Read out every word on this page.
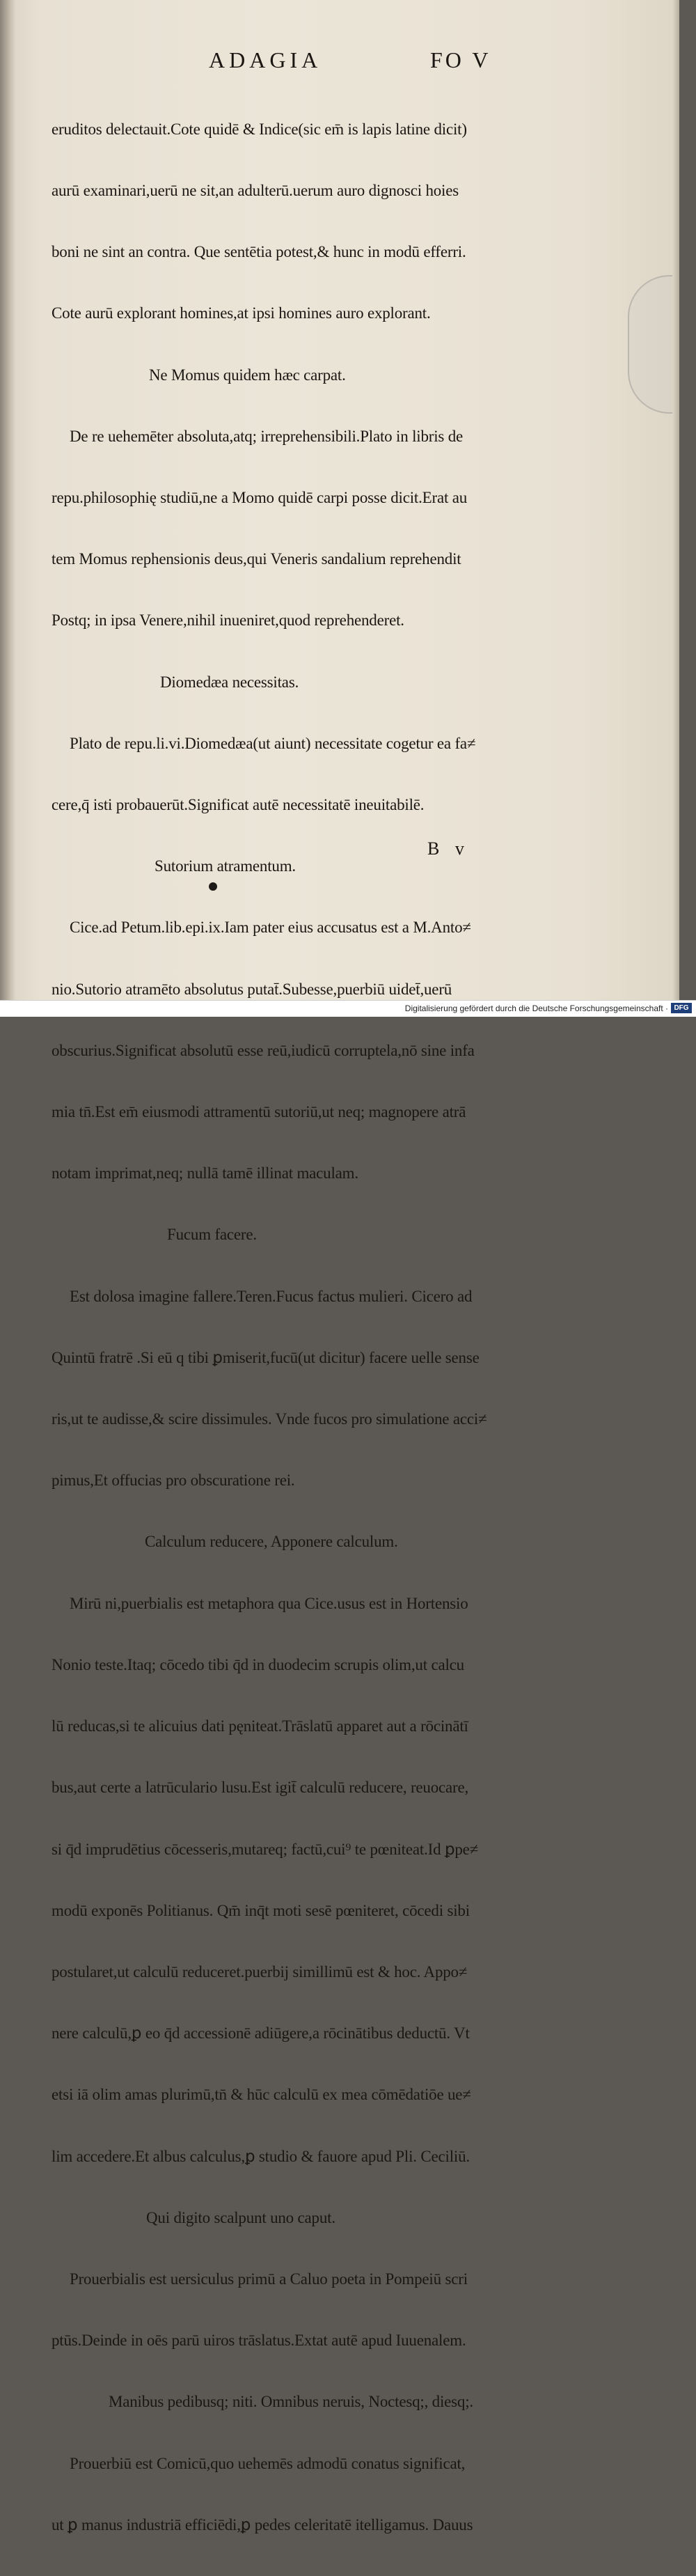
ADAGIA	FO V

eruditos delectauit.Cote quidē & Indice(sic em̄ is lapis latine dicit)

aurū examinari,uerū ne sit,an adulterū.uerum auro dignosci hoies

boni ne sint an contra. Que sentētia potest,& hunc in modū efferri.

Cote aurū explorant homines,at ipsi homines auro explorant.

Ne Momus quidem hæc carpat.

De re uehemēter absoluta,atq; irreprehensibili.Plato in libris de

repu.philosophię studiū,ne a Momo quidē carpi posse dicit.Erat au

tem Momus rephensionis deus,qui Veneris sandalium reprehendit

Postq; in ipsa Venere,nihil inueniret,quod reprehenderet.

Diomedæa necessitas.

Plato de repu.li.vi.Diomedæa(ut aiunt) necessitate cogetur ea fa≠

cere,q̄ isti probauerūt.Significat autē necessitatē ineuitabilē.

Sutorium atramentum.

Cice.ad Petum.lib.epi.ix.Iam pater eius accusatus est a M.Anto≠

nio.Sutorio atramēto absolutus putat̄.Subesse,puerbiū uidet̄,uerū

obscurius.Significat absolutū esse reū,iudicū corruptela,nō sine infa

mia tn̄.Est em̄ eiusmodi attramentū sutoriū,ut neq; magnopere atrā

notam imprimat,neq; nullā tamē illinat maculam.

Fucum facere.

Est dolosa imagine fallere.Teren.Fucus factus mulieri. Cicero ad

Quintū fratrē .Si eū q tibi ꝑmiserit,fucū(ut dicitur) facere uelle sense

ris,ut te audisse,& scire dissimules. Vnde fucos pro simulatione acci≠

pimus,Et offucias pro obscuratione rei.

Calculum reducere, Apponere calculum.

Mirū ni,puerbialis est metaphora qua Cice.usus est in Hortensio

Nonio teste.Itaq; cōcedo tibi q̄d in duodecim scrupis olim,ut calcu

lū reducas,si te alicuius dati pęniteat.Trāslatū apparet aut a rōcinātī

bus,aut certe a latrūculario lusu.Est igit̄ calculū reducere, reuocare,

si q̄d imprudētius cōcesseris,mutareq; factū,cui⁹ te pœniteat.Id ꝑpe≠

modū exponēs Politianus. Qm̄ inq̄t moti sesē pœniteret, cōcedi sibi

postularet,ut calculū reduceret.puerbij simillimū est & hoc. Appo≠

nere calculū,ꝑ eo q̄d accessionē adiūgere,a rōcinātibus deductū. Vt

etsi iā olim amas plurimū,tn̄ & hūc calculū ex mea cōmēdatiōe ue≠

lim accedere.Et albus calculus,ꝑ studio & fauore apud Pli. Ceciliū.

Qui digito scalpunt uno caput.

Prouerbialis est uersiculus primū a Caluo poeta in Pompeiū scri

ptūs.Deinde in oēs parū uiros trāslatus.Extat autē apud Iuuenalem.

Manibus pedibusq; niti. Omnibus neruis, Noctesq;, diesq;.

Prouerbiū est Comicū,quo uehemēs admodū conatus significat,

ut ꝑ manus industriā efficiēdi,ꝑ pedes celeritatē itelligamus. Dauus

B v
Digitalisierung gefördert durch die Deutsche Forschungsgemeinschaft · DFG
